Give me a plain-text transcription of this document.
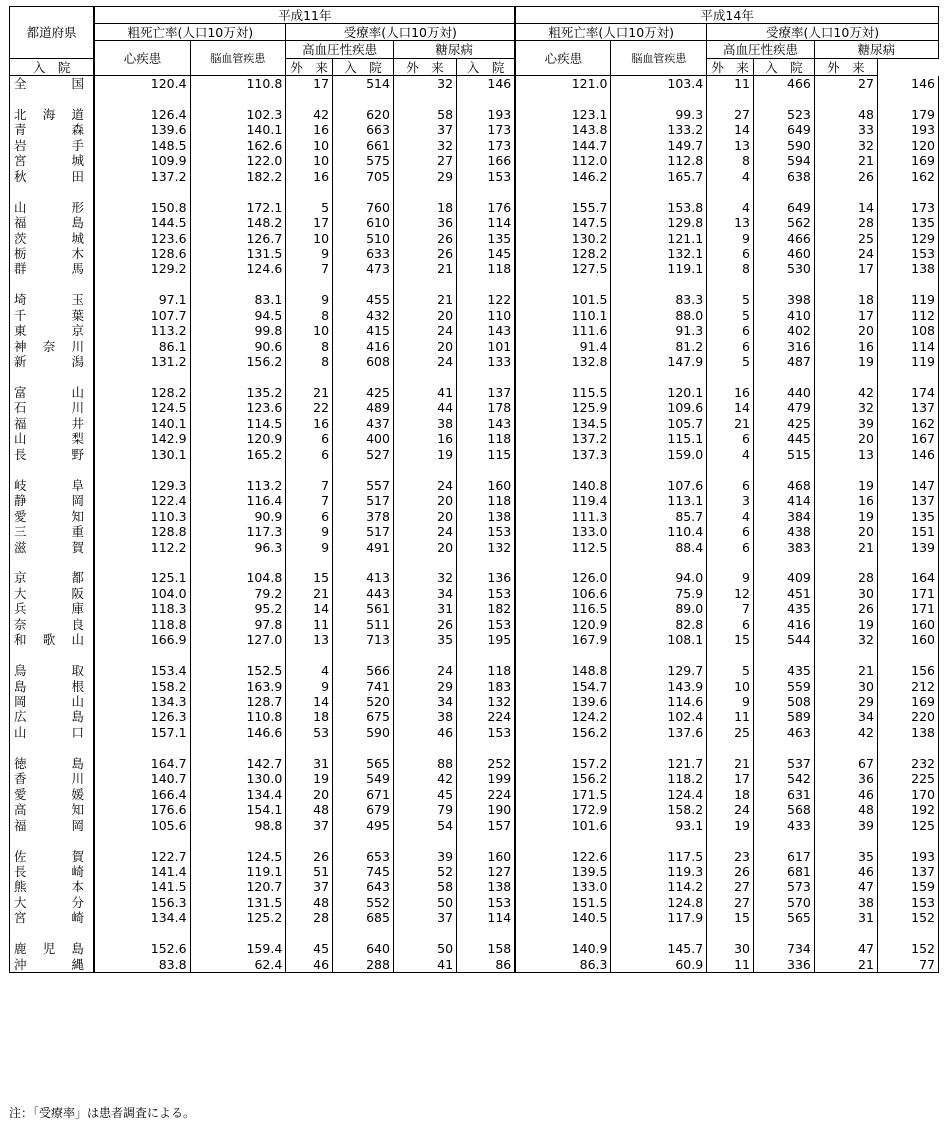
都道府県	平成11年						平成14年					
	粗死亡率(人口10万対)		受療率(人口10万対)				粗死亡率(人口10万対)		受療率(人口10万対)			
	心疾患	脳血管疾患	高血圧性疾患		糖尿病		心疾患	脳血管疾患	高血圧性疾患		糖尿病	
入　院			外　来	入　院	外　来	入　院			外　来	入　院	外　来	

全 国	120.4	110.8	17	514	32	146	121.0	103.4	11	466	27	146

北 海 道	126.4	102.3	42	620	58	193	123.1	99.3	27	523	48	179

青 森	139.6	140.1	16	663	37	173	143.8	133.2	14	649	33	193

岩 手	148.5	162.6	10	661	32	173	144.7	149.7	13	590	32	120

宮 城	109.9	122.0	10	575	27	166	112.0	112.8	8	594	21	169

秋 田	137.2	182.2	16	705	29	153	146.2	165.7	4	638	26	162

山 形	150.8	172.1	5	760	18	176	155.7	153.8	4	649	14	173

福 島	144.5	148.2	17	610	36	114	147.5	129.8	13	562	28	135

茨 城	123.6	126.7	10	510	26	135	130.2	121.1	9	466	25	129

栃 木	128.6	131.5	9	633	26	145	128.2	132.1	6	460	24	153

群 馬	129.2	124.6	7	473	21	118	127.5	119.1	8	530	17	138

埼 玉	97.1	83.1	9	455	21	122	101.5	83.3	5	398	18	119

千 葉	107.7	94.5	8	432	20	110	110.1	88.0	5	410	17	112

東 京	113.2	99.8	10	415	24	143	111.6	91.3	6	402	20	108

神 奈 川	86.1	90.6	8	416	20	101	91.4	81.2	6	316	16	114

新 潟	131.2	156.2	8	608	24	133	132.8	147.9	5	487	19	119

富 山	128.2	135.2	21	425	41	137	115.5	120.1	16	440	42	174

石 川	124.5	123.6	22	489	44	178	125.9	109.6	14	479	32	137

福 井	140.1	114.5	16	437	38	143	134.5	105.7	21	425	39	162

山 梨	142.9	120.9	6	400	16	118	137.2	115.1	6	445	20	167

長 野	130.1	165.2	6	527	19	115	137.3	159.0	4	515	13	146

岐 阜	129.3	113.2	7	557	24	160	140.8	107.6	6	468	19	147

静 岡	122.4	116.4	7	517	20	118	119.4	113.1	3	414	16	137

愛 知	110.3	90.9	6	378	20	138	111.3	85.7	4	384	19	135

三 重	128.8	117.3	9	517	24	153	133.0	110.4	6	438	20	151

滋 賀	112.2	96.3	9	491	20	132	112.5	88.4	6	383	21	139

京 都	125.1	104.8	15	413	32	136	126.0	94.0	9	409	28	164

大 阪	104.0	79.2	21	443	34	153	106.6	75.9	12	451	30	171

兵 庫	118.3	95.2	14	561	31	182	116.5	89.0	7	435	26	171

奈 良	118.8	97.8	11	511	26	153	120.9	82.8	6	416	19	160

和 歌 山	166.9	127.0	13	713	35	195	167.9	108.1	15	544	32	160

鳥 取	153.4	152.5	4	566	24	118	148.8	129.7	5	435	21	156

島 根	158.2	163.9	9	741	29	183	154.7	143.9	10	559	30	212

岡 山	134.3	128.7	14	520	34	132	139.6	114.6	9	508	29	169

広 島	126.3	110.8	18	675	38	224	124.2	102.4	11	589	34	220

山 口	157.1	146.6	53	590	46	153	156.2	137.6	25	463	42	138

徳 島	164.7	142.7	31	565	88	252	157.2	121.7	21	537	67	232

香 川	140.7	130.0	19	549	42	199	156.2	118.2	17	542	36	225

愛 媛	166.4	134.4	20	671	45	224	171.5	124.4	18	631	46	170

高 知	176.6	154.1	48	679	79	190	172.9	158.2	24	568	48	192

福 岡	105.6	98.8	37	495	54	157	101.6	93.1	19	433	39	125

佐 賀	122.7	124.5	26	653	39	160	122.6	117.5	23	617	35	193

長 崎	141.4	119.1	51	745	52	127	139.5	119.3	26	681	46	137

熊 本	141.5	120.7	37	643	58	138	133.0	114.2	27	573	47	159

大 分	156.3	131.5	48	552	50	153	151.5	124.8	27	570	38	153

宮 崎	134.4	125.2	28	685	37	114	140.5	117.9	15	565	31	152

鹿 児 島	152.6	159.4	45	640	50	158	140.9	145.7	30	734	47	152

沖 縄	83.8	62.4	46	288	41	86	86.3	60.9	11	336	21	77
注：「受療率」は患者調査による。
